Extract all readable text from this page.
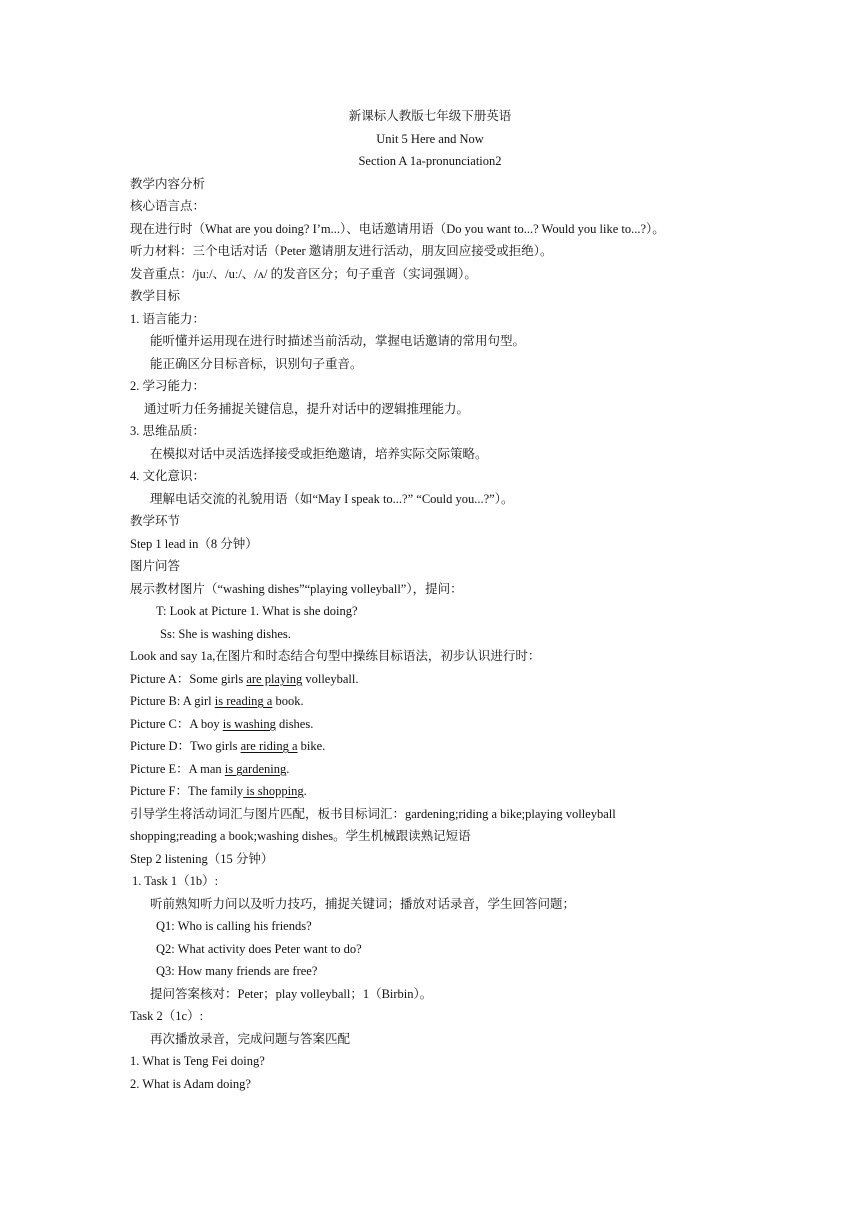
新课标人教版七年级下册英语
Unit 5 Here and Now
Section A 1a-pronunciation2
教学内容分析
核心语言点：
现在进行时（What are you doing? I’m...）、电话邀请用语（Do you want to...? Would you like to...?）。
听力材料：三个电话对话（Peter 邀请朋友进行活动，朋友回应接受或拒绝）。
发音重点：/juː/、/uː/、/ʌ/ 的发音区分；句子重音（实词强调）。
教学目标
1. 语言能力：
能听懂并运用现在进行时描述当前活动，掌握电话邀请的常用句型。
能正确区分目标音标，识别句子重音。
2. 学习能力：
通过听力任务捕捉关键信息，提升对话中的逻辑推理能力。
3. 思维品质：
在模拟对话中灵活选择接受或拒绝邀请，培养实际交际策略。
4. 文化意识：
理解电话交流的礼貌用语（如“May I speak to...?” “Could you...?”）。
教学环节
Step 1 lead in（8 分钟）
图片问答
展示教材图片（“washing dishes”“playing volleyball”），提问：
T: Look at Picture 1. What is she doing?
Ss: She is washing dishes.
Look and say 1a,在图片和时态结合句型中操练目标语法，初步认识进行时：
Picture A：Some girls are playing volleyball.
Picture B: A girl is reading a book.
Picture C：A boy is washing dishes.
Picture D：Two girls are riding a bike.
Picture E：A man is gardening.
Picture F：The family is shopping.
引导学生将活动词汇与图片匹配，板书目标词汇：gardening;riding a bike;playing volleyball
shopping;reading a book;washing dishes。学生机械跟读熟记短语
Step 2 listening（15 分钟）
1. Task 1（1b）:
听前熟知听力问以及听力技巧，捕捉关键词；播放对话录音，学生回答问题；
Q1: Who is calling his friends?
Q2: What activity does Peter want to do?
Q3: How many friends are free?
提问答案核对：Peter；play volleyball；1（Birbin）。
Task 2（1c）:
再次播放录音，完成问题与答案匹配
1. What is Teng Fei doing?
2. What is Adam doing?
